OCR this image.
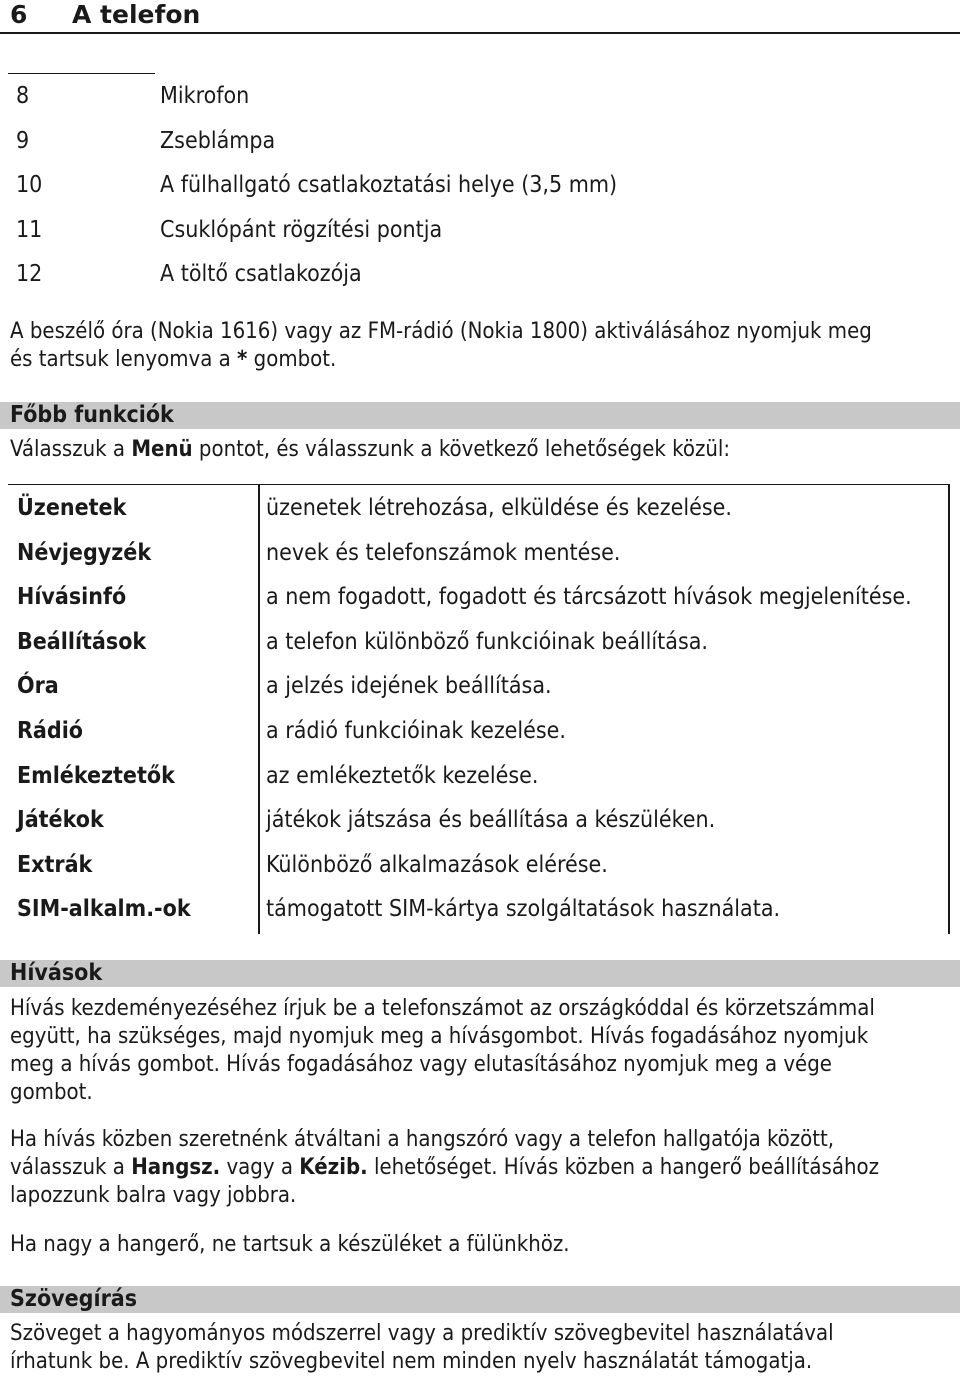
6 A telefon
8	Mikrofon
9	Zseblámpa
10	A fülhallgató csatlakoztatási helye (3,5 mm)
11	Csuklópánt rögzítési pontja
12	A töltő csatlakozója
A beszélő óra (Nokia 1616) vagy az FM-rádió (Nokia 1800) aktiválásához nyomjuk meg
és tartsuk lenyomva a * gombot.
Főbb funkciók
Válasszuk a Menü pontot, és válasszunk a következő lehetőségek közül:
Üzenetek	üzenetek létrehozása, elküldése és kezelése.
Névjegyzék	nevek és telefonszámok mentése.
Hívásinfó	a nem fogadott, fogadott és tárcsázott hívások megjelenítése.
Beállítások	a telefon különböző funkcióinak beállítása.
Óra	a jelzés idejének beállítása.
Rádió	a rádió funkcióinak kezelése.
Emlékeztetők	az emlékeztetők kezelése.
Játékok	játékok játszása és beállítása a készüléken.
Extrák	Különböző alkalmazások elérése.
SIM-alkalm.-ok	támogatott SIM-kártya szolgáltatások használata.
Hívások
Hívás kezdeményezéséhez írjuk be a telefonszámot az országkóddal és körzetszámmal
együtt, ha szükséges, majd nyomjuk meg a hívásgombot. Hívás fogadásához nyomjuk
meg a hívás gombot. Hívás fogadásához vagy elutasításához nyomjuk meg a vége
gombot.
Ha hívás közben szeretnénk átváltani a hangszóró vagy a telefon hallgatója között,
válasszuk a Hangsz. vagy a Kézib. lehetőséget. Hívás közben a hangerő beállításához
lapozzunk balra vagy jobbra.
Ha nagy a hangerő, ne tartsuk a készüléket a fülünkhöz.
Szövegírás
Szöveget a hagyományos módszerrel vagy a prediktív szövegbevitel használatával
írhatunk be. A prediktív szövegbevitel nem minden nyelv használatát támogatja.
